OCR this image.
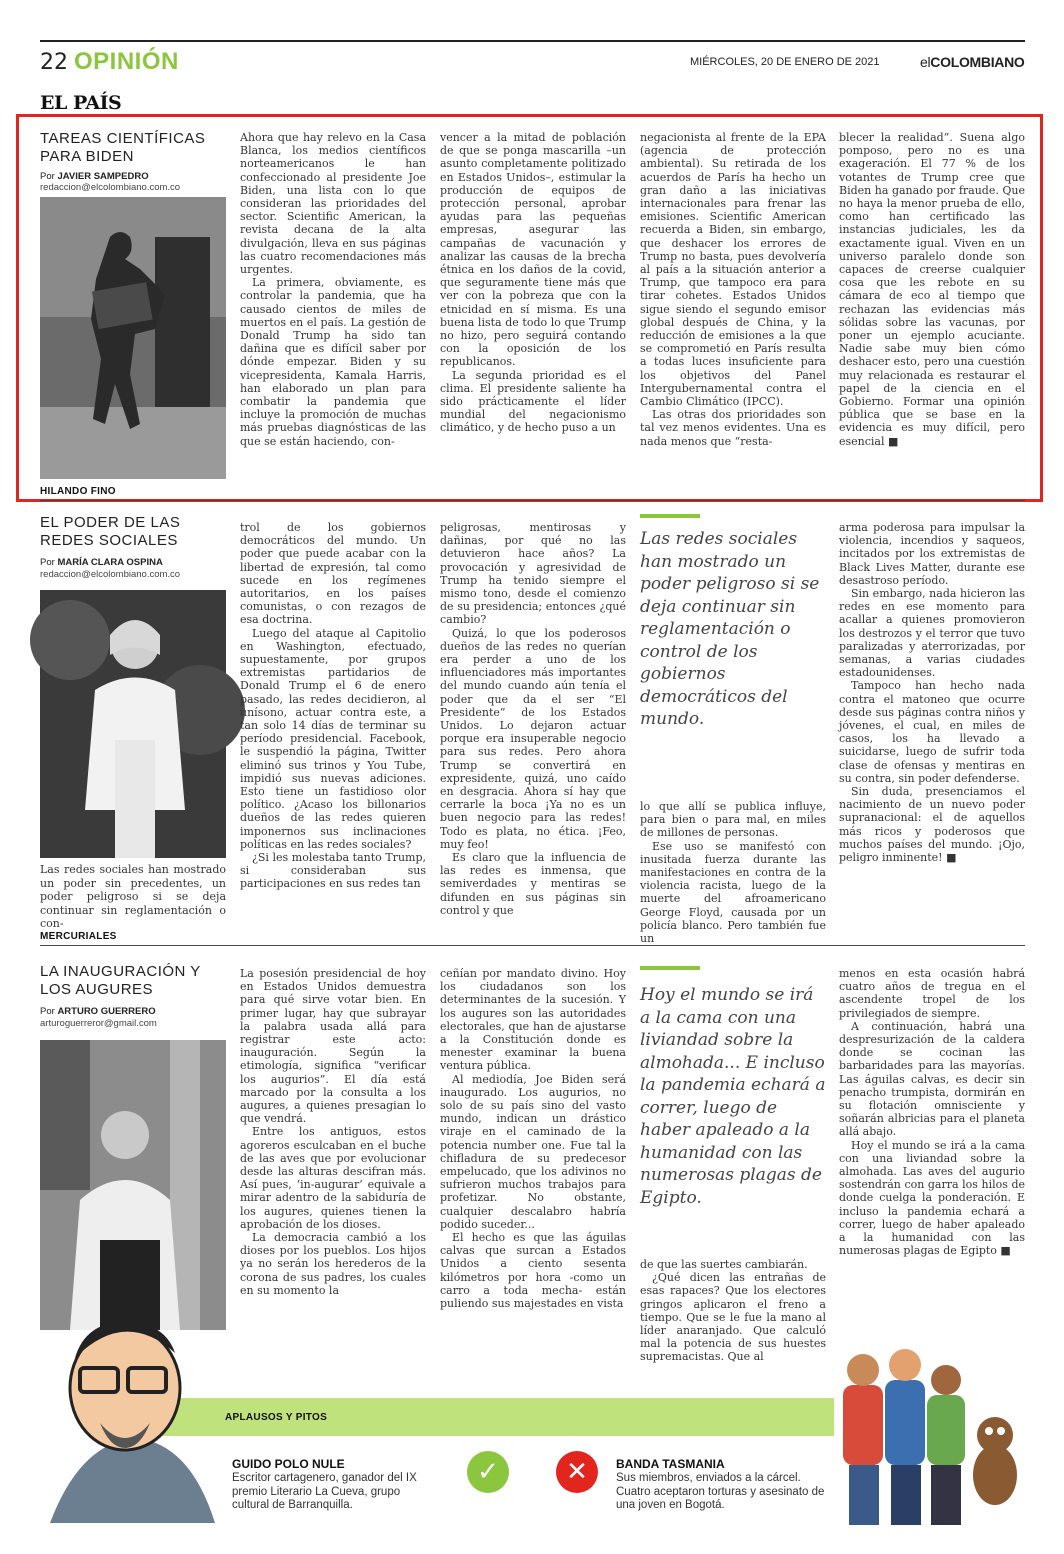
22 OPINIÓN	MIÉRCOLES, 20 DE ENERO DE 2021	elCOLOMBIANO
EL PAÍS
TAREAS CIENTÍFICAS PARA BIDEN
Por JAVIER SAMPEDRO
redaccion@elcolombiano.com.co

Ahora que hay relevo en la Casa Blanca, los medios científicos norteamericanos le han confeccionado al presidente Joe Biden, una lista con lo que consideran las prioridades del sector. Scientific American, la revista decana de la alta divulgación, lleva en sus páginas las cuatro recomendaciones más urgentes.

La primera, obviamente, es controlar la pandemia, que ha causado cientos de miles de muertos en el país. La gestión de Donald Trump ha sido tan dañina que es difícil saber por dónde empezar. Biden y su vicepresidenta, Kamala Harris, han elaborado un plan para combatir la pandemia que incluye la promoción de muchas más pruebas diagnósticas de las que se están haciendo, con-

vencer a la mitad de población de que se ponga mascarilla –un asunto completamente politizado en Estados Unidos–, estimular la producción de equipos de protección personal, aprobar ayudas para las pequeñas empresas, asegurar las campañas de vacunación y analizar las causas de la brecha étnica en los daños de la covid, que seguramente tiene más que ver con la pobreza que con la etnicidad en sí misma. Es una buena lista de todo lo que Trump no hizo, pero seguirá contando con la oposición de los republicanos.

La segunda prioridad es el clima. El presidente saliente ha sido prácticamente el líder mundial del negacionismo climático, y de hecho puso a un

negacionista al frente de la EPA (agencia de protección ambiental). Su retirada de los acuerdos de París ha hecho un gran daño a las iniciativas internacionales para frenar las emisiones. Scientific American recuerda a Biden, sin embargo, que deshacer los errores de Trump no basta, pues devolvería al país a la situación anterior a Trump, que tampoco era para tirar cohetes. Estados Unidos sigue siendo el segundo emisor global después de China, y la reducción de emisiones a la que se comprometió en París resulta a todas luces insuficiente para los objetivos del Panel Intergubernamental contra el Cambio Climático (IPCC).

Las otras dos prioridades son tal vez menos evidentes. Una es nada menos que “resta-

blecer la realidad”. Suena algo pomposo, pero no es una exageración. El 77 % de los votantes de Trump cree que Biden ha ganado por fraude. Que no haya la menor prueba de ello, como han certificado las instancias judiciales, les da exactamente igual. Viven en un universo paralelo donde son capaces de creerse cualquier cosa que les rebote en su cámara de eco al tiempo que rechazan las evidencias más sólidas sobre las vacunas, por poner un ejemplo acuciante. Nadie sabe muy bien cómo deshacer esto, pero una cuestión muy relacionada es restaurar el papel de la ciencia en el Gobierno. Formar una opinión pública que se base en la evidencia es muy difícil, pero esencial ■

HILANDO FINO
EL PODER DE LAS REDES SOCIALES
Por MARÍA CLARA OSPINA
redaccion@elcolombiano.com.co
Las redes sociales han mostrado un poder sin precedentes, un poder peligroso si se deja continuar sin reglamentación o con-

trol de los gobiernos democráticos del mundo. Un poder que puede acabar con la libertad de expresión, tal como sucede en los regímenes autoritarios, en los países comunistas, o con rezagos de esa doctrina.

Luego del ataque al Capitolio en Washington, efectuado, supuestamente, por grupos extremistas partidarios de Donald Trump el 6 de enero pasado, las redes decidieron, al unísono, actuar contra este, a tan solo 14 días de terminar su período presidencial. Facebook, le suspendió la página, Twitter eliminó sus trinos y You Tube, impidió sus nuevas adiciones. Esto tiene un fastidioso olor político. ¿Acaso los billonarios dueños de las redes quieren imponernos sus inclinaciones políticas en las redes sociales?

¿Si les molestaba tanto Trump, si consideraban sus participaciones en sus redes tan

peligrosas, mentirosas y dañinas, por qué no las detuvieron hace años? La provocación y agresividad de Trump ha tenido siempre el mismo tono, desde el comienzo de su presidencia; entonces ¿qué cambio?

Quizá, lo que los poderosos dueños de las redes no querían era perder a uno de los influenciadores más importantes del mundo cuando aún tenía el poder que da el ser “El Presidente” de los Estados Unidos. Lo dejaron actuar porque era insuperable negocio para sus redes. Pero ahora Trump se convertirá en expresidente, quizá, uno caído en desgracia. Ahora sí hay que cerrarle la boca ¡Ya no es un buen negocio para las redes! Todo es plata, no ética. ¡Feo, muy feo!

Es claro que la influencia de las redes es inmensa, que semiverdades y mentiras se difunden en sus páginas sin control y que

Las redes sociales han mostrado un poder peligroso si se deja continuar sin reglamentación o control de los gobiernos democráticos del mundo.

lo que allí se publica influye, para bien o para mal, en miles de millones de personas.

Ese uso se manifestó con inusitada fuerza durante las manifestaciones en contra de la violencia racista, luego de la muerte del afroamericano George Floyd, causada por un policía blanco. Pero también fue un

arma poderosa para impulsar la violencia, incendios y saqueos, incitados por los extremistas de Black Lives Matter, durante ese desastroso período.

Sin embargo, nada hicieron las redes en ese momento para acallar a quienes promovieron los destrozos y el terror que tuvo paralizadas y aterrorizadas, por semanas, a varias ciudades estadounidenses.

Tampoco han hecho nada contra el matoneo que ocurre desde sus páginas contra niños y jóvenes, el cual, en miles de casos, los ha llevado a suicidarse, luego de sufrir toda clase de ofensas y mentiras en su contra, sin poder defenderse.

Sin duda, presenciamos el nacimiento de un nuevo poder supranacional: el de aquellos más ricos y poderosos que muchos países del mundo. ¡Ojo, peligro inminente! ■

MERCURIALES
LA INAUGURACIÓN Y LOS AUGURES
Por ARTURO GUERRERO
arturoguerreror@gmail.com

La posesión presidencial de hoy en Estados Unidos demuestra para qué sirve votar bien. En primer lugar, hay que subrayar la palabra usada allá para registrar este acto: inauguración. Según la etimología, significa “verificar los augurios”. El día está marcado por la consulta a los augures, a quienes presagian lo que vendrá.

Entre los antiguos, estos agoreros esculcaban en el buche de las aves que por evolucionar desde las alturas descifran más. Así pues, ‘in-augurar’ equivale a mirar adentro de la sabiduría de los augures, quienes tienen la aprobación de los dioses.

La democracia cambió a los dioses por los pueblos. Los hijos ya no serán los herederos de la corona de sus padres, los cuales en su momento la

ceñían por mandato divino. Hoy los ciudadanos son los determinantes de la sucesión. Y los augures son las autoridades electorales, que han de ajustarse a la Constitución donde es menester examinar la buena ventura pública.

Al mediodía, Joe Biden será inaugurado. Los augurios, no solo de su país sino del vasto mundo, indican un drástico viraje en el caminado de la potencia number one. Fue tal la chifladura de su predecesor empelucado, que los adivinos no sufrieron muchos trabajos para profetizar. No obstante, cualquier descalabro habría podido suceder...

El hecho es que las águilas calvas que surcan a Estados Unidos a ciento sesenta kilómetros por hora -como un carro a toda mecha- están puliendo sus majestades en vista

Hoy el mundo se irá a la cama con una liviandad sobre la almohada... E incluso la pandemia echará a correr, luego de haber apaleado a la humanidad con las numerosas plagas de Egipto.

de que las suertes cambiarán.

¿Qué dicen las entrañas de esas rapaces? Que los electores gringos aplicaron el freno a tiempo. Que se le fue la mano al líder anaranjado. Que calculó mal la potencia de sus huestes supremacistas. Que al

menos en esta ocasión habrá cuatro años de tregua en el ascendente tropel de los privilegiados de siempre.

A continuación, habrá una despresurización de la caldera donde se cocinan las barbaridades para las mayorías. Las águilas calvas, es decir sin penacho trumpista, dormirán en su flotación omnisciente y soñarán albricias para el planeta allá abajo.

Hoy el mundo se irá a la cama con una liviandad sobre la almohada. Las aves del augurio sostendrán con garra los hilos de donde cuelga la ponderación. E incluso la pandemia echará a correr, luego de haber apaleado a la humanidad con las numerosas plagas de Egipto ■

APLAUSOS Y PITOS
GUIDO POLO NULE
Escritor cartagenero, ganador del IX premio Literario La Cueva, grupo cultural de Barranquilla.
✓	✕	BANDA TASMANIA
Sus miembros, enviados a la cárcel. Cuatro aceptaron torturas y asesinato de una joven en Bogotá.
